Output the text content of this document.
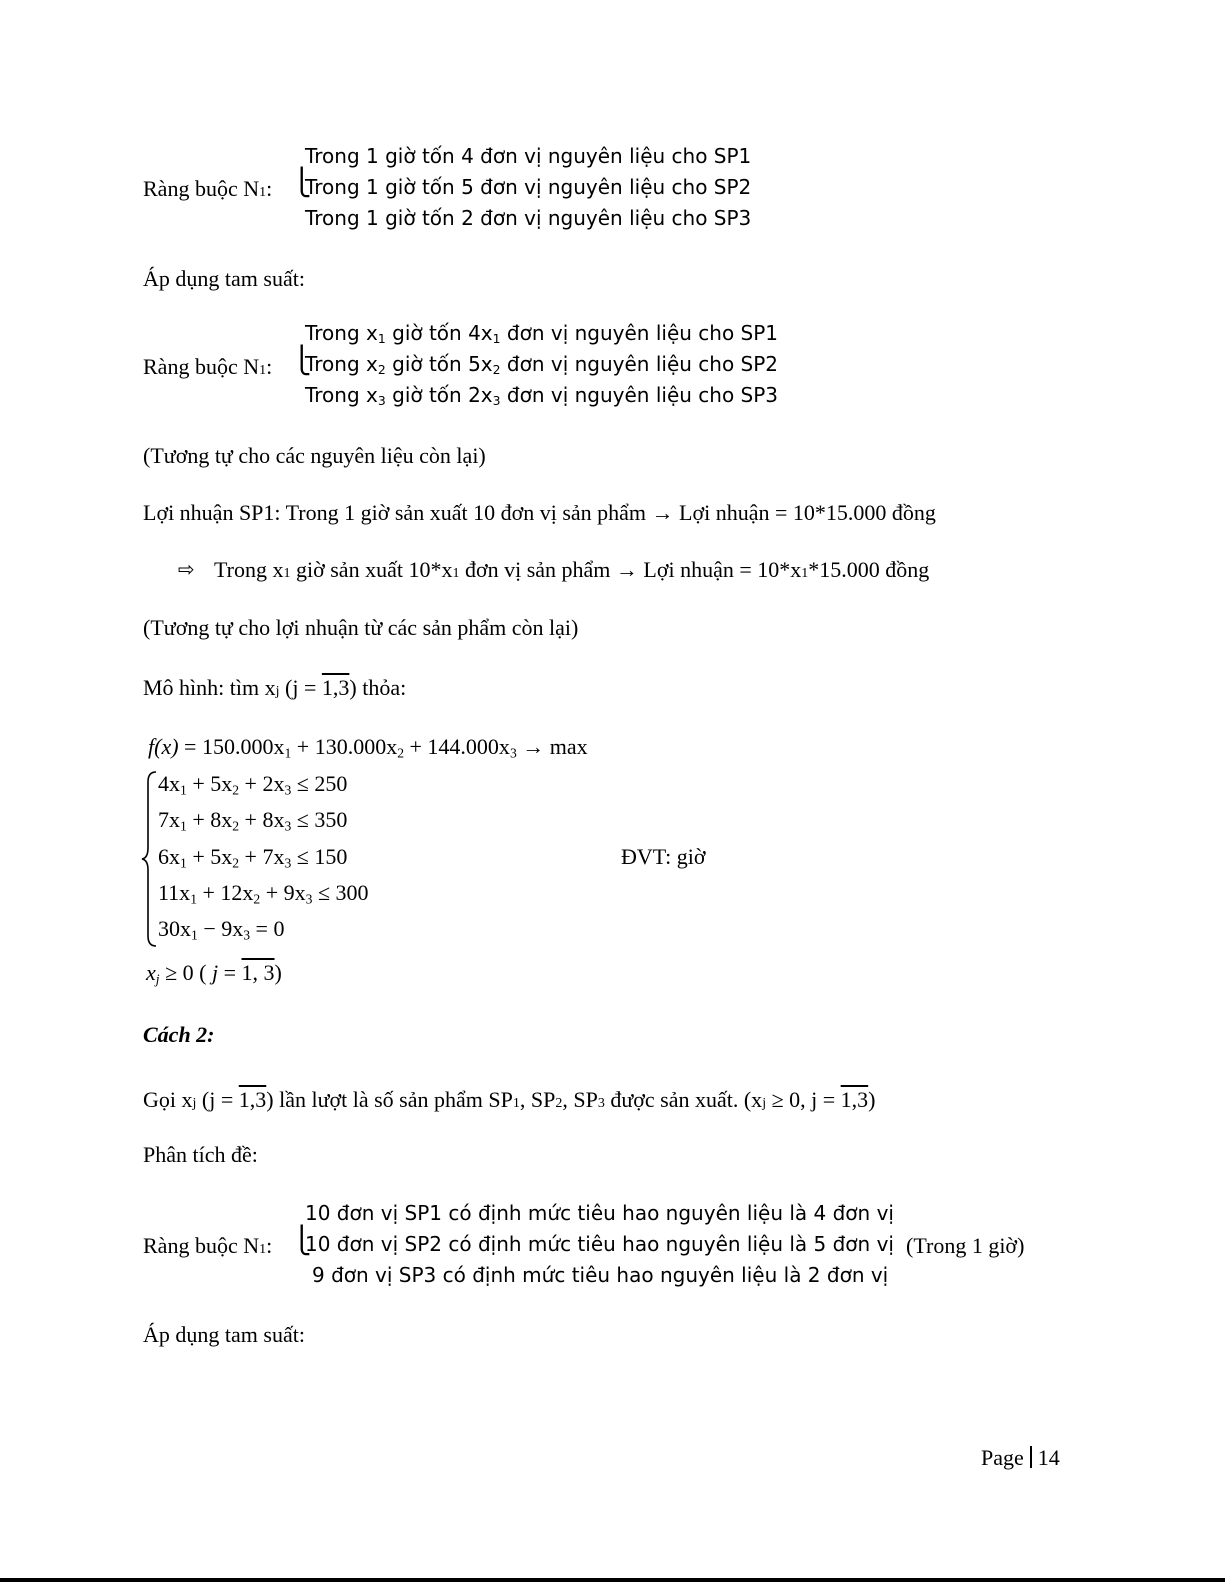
Ràng buộc N1: ⎩
Trong 1 giờ tốn 4 đơn vị nguyên liệu cho SP1
Trong 1 giờ tốn 5 đơn vị nguyên liệu cho SP2
Trong 1 giờ tốn 2 đơn vị nguyên liệu cho SP3
Áp dụng tam suất:
Ràng buộc N1: ⎩
Trong $x_1$ giờ tốn $4x_1$ đơn vị nguyên liệu cho SP1
Trong $x_2$ giờ tốn $5x_2$ đơn vị nguyên liệu cho SP2
Trong $x_3$ giờ tốn $2x_3$ đơn vị nguyên liệu cho SP3
(Tương tự cho các nguyên liệu còn lại)
Lợi nhuận SP1: Trong 1 giờ sản xuất 10 đơn vị sản phẩm → Lợi nhuận = 10*15.000 đồng
⇨ Trong x1 giờ sản xuất 10*x1 đơn vị sản phẩm → Lợi nhuận = 10*x1*15.000 đồng
(Tương tự cho lợi nhuận từ các sản phẩm còn lại)
Mô hình: tìm xj (j = 1,3) thỏa:
$f(x) = 150.000x_1 + 130.000x_2 + 144.000x_3 \to \max$
$4x_1 + 5x_2 + 2x_3 \le 250$
$7x_1 + 8x_2 + 8x_3 \le 350$
$6x_1 + 5x_2 + 7x_3 \le 150$
$11x_1 + 12x_2 + 9x_3 \le 300$
$30x_1 - 9x_3 = 0$
ĐVT: giờ
$x_j \ge 0$ ( j = 1, 3)
Cách 2:
Gọi xj (j = 1,3) lần lượt là số sản phẩm SP1, SP2, SP3 được sản xuất. (xj ≥ 0, j = 1,3)
Phân tích đề:
Ràng buộc N1: ⎩
10 đơn vị SP1 có định mức tiêu hao nguyên liệu là 4 đơn vị
10 đơn vị SP2 có định mức tiêu hao nguyên liệu là 5 đơn vị
9 đơn vị SP3 có định mức tiêu hao nguyên liệu là 2 đơn vị
(Trong 1 giờ)
Áp dụng tam suất:
Page 14
